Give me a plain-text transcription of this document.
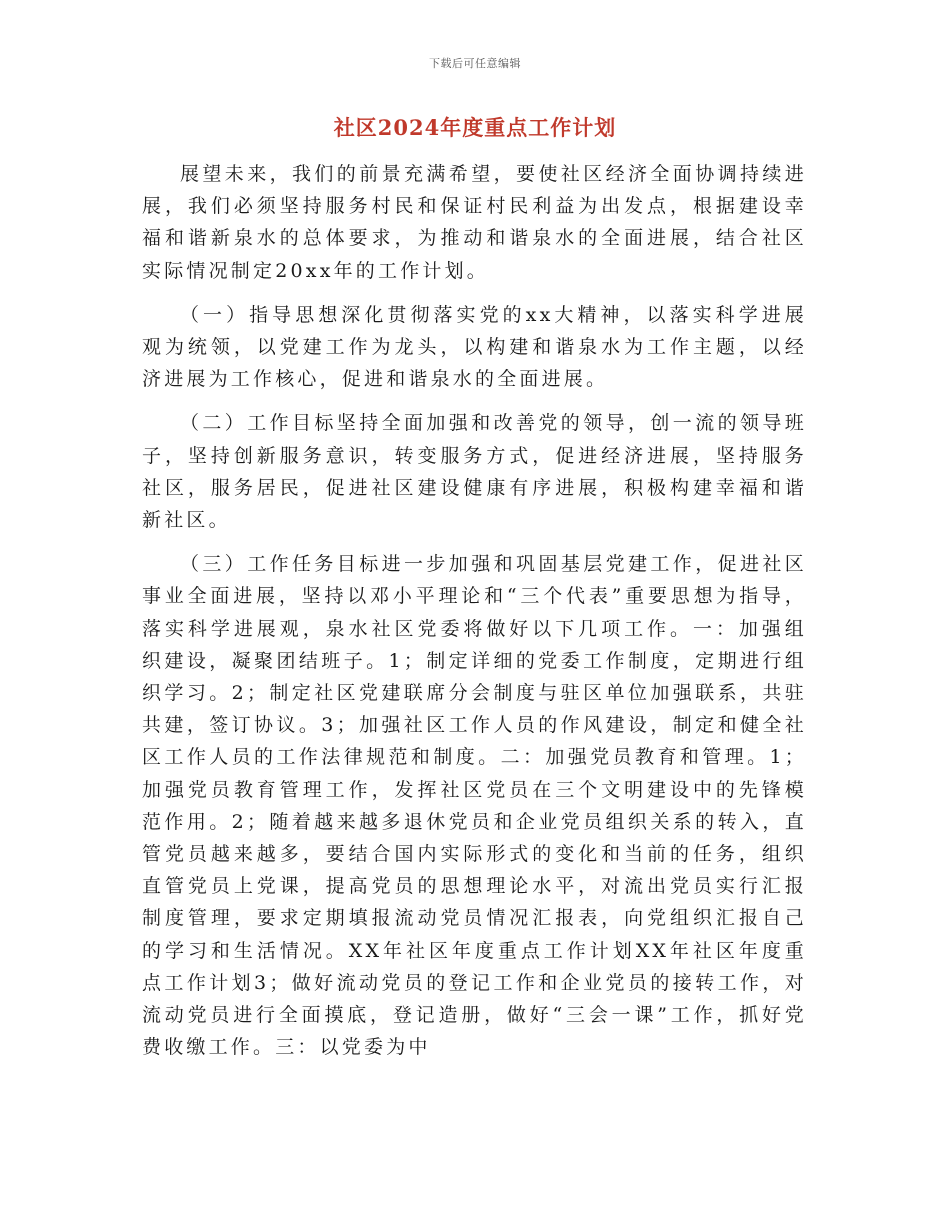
下载后可任意编辑
社区2024年度重点工作计划

展望未来，我们的前景充满希望，要使社区经济全面协调持续进展，我们必须坚持服务村民和保证村民利益为出发点，根据建设幸福和谐新泉水的总体要求，为推动和谐泉水的全面进展，结合社区实际情况制定20xx年的工作计划。

（一）指导思想深化贯彻落实党的xx大精神，以落实科学进展观为统领，以党建工作为龙头，以构建和谐泉水为工作主题，以经济进展为工作核心，促进和谐泉水的全面进展。

（二）工作目标坚持全面加强和改善党的领导，创一流的领导班子，坚持创新服务意识，转变服务方式，促进经济进展，坚持服务社区，服务居民，促进社区建设健康有序进展，积极构建幸福和谐新社区。

（三）工作任务目标进一步加强和巩固基层党建工作，促进社区事业全面进展，坚持以邓小平理论和“三个代表”重要思想为指导，落实科学进展观，泉水社区党委将做好以下几项工作。一：加强组织建设，凝聚团结班子。1；制定详细的党委工作制度，定期进行组织学习。2；制定社区党建联席分会制度与驻区单位加强联系，共驻共建，签订协议。3；加强社区工作人员的作风建设，制定和健全社区工作人员的工作法律规范和制度。二：加强党员教育和管理。1；加强党员教育管理工作，发挥社区党员在三个文明建设中的先锋模范作用。2；随着越来越多退休党员和企业党员组织关系的转入，直管党员越来越多，要结合国内实际形式的变化和当前的任务，组织直管党员上党课，提高党员的思想理论水平，对流出党员实行汇报制度管理，要求定期填报流动党员情况汇报表，向党组织汇报自己的学习和生活情况。XX年社区年度重点工作计划XX年社区年度重点工作计划3；做好流动党员的登记工作和企业党员的接转工作，对流动党员进行全面摸底，登记造册，做好“三会一课”工作，抓好党费收缴工作。三：以党委为中
